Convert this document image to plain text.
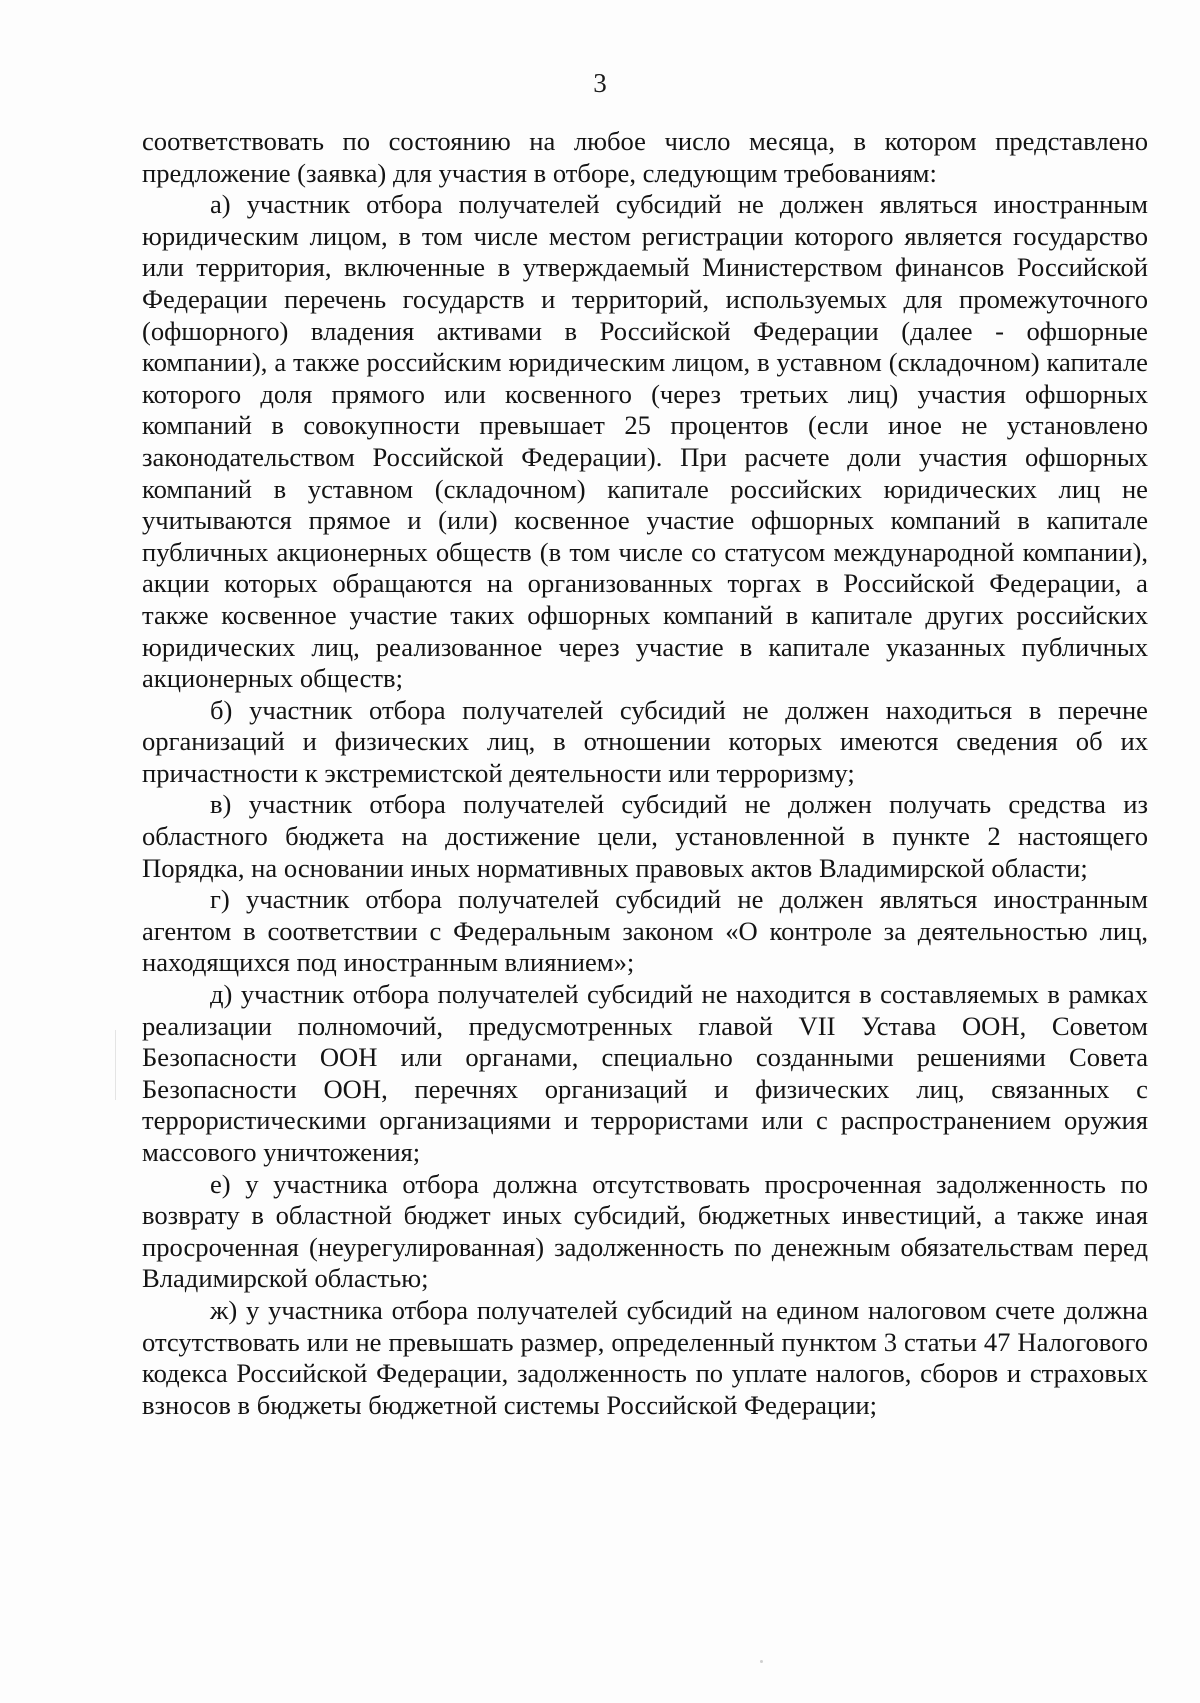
3

соответствовать по состоянию на любое число месяца, в котором представлено предложение (заявка) для участия в отборе, следующим требованиям:

а) участник отбора получателей субсидий не должен являться иностранным юридическим лицом, в том числе местом регистрации которого является государство или территория, включенные в утверждаемый Министерством финансов Российской Федерации перечень государств и территорий, используемых для промежуточного (офшорного) владения активами в Российской Федерации (далее - офшорные компании), а также российским юридическим лицом, в уставном (складочном) капитале которого доля прямого или косвенного (через третьих лиц) участия офшорных компаний в совокупности превышает 25 процентов (если иное не установлено законодательством Российской Федерации). При расчете доли участия офшорных компаний в уставном (складочном) капитале российских юридических лиц не учитываются прямое и (или) косвенное участие офшорных компаний в капитале публичных акционерных обществ (в том числе со статусом международной компании), акции которых обращаются на организованных торгах в Российской Федерации, а также косвенное участие таких офшорных компаний в капитале других российских юридических лиц, реализованное через участие в капитале указанных публичных акционерных обществ;

б) участник отбора получателей субсидий не должен находиться в перечне организаций и физических лиц, в отношении которых имеются сведения об их причастности к экстремистской деятельности или терроризму;

в) участник отбора получателей субсидий не должен получать средства из областного бюджета на достижение цели, установленной в пункте 2 настоящего Порядка, на основании иных нормативных правовых актов Владимирской области;

г) участник отбора получателей субсидий не должен являться иностранным агентом в соответствии с Федеральным законом «О контроле за деятельностью лиц, находящихся под иностранным влиянием»;

д) участник отбора получателей субсидий не находится в составляемых в рамках реализации полномочий, предусмотренных главой VII Устава ООН, Советом Безопасности ООН или органами, специально созданными решениями Совета Безопасности ООН, перечнях организаций и физических лиц, связанных с террористическими организациями и террористами или с распространением оружия массового уничтожения;

е) у участника отбора должна отсутствовать просроченная задолженность по возврату в областной бюджет иных субсидий, бюджетных инвестиций, а также иная просроченная (неурегулированная) задолженность по денежным обязательствам перед Владимирской областью;

ж) у участника отбора получателей субсидий на едином налоговом счете должна отсутствовать или не превышать размер, определенный пунктом 3 статьи 47 Налогового кодекса Российской Федерации, задолженность по уплате налогов, сборов и страховых взносов в бюджеты бюджетной системы Российской Федерации;
